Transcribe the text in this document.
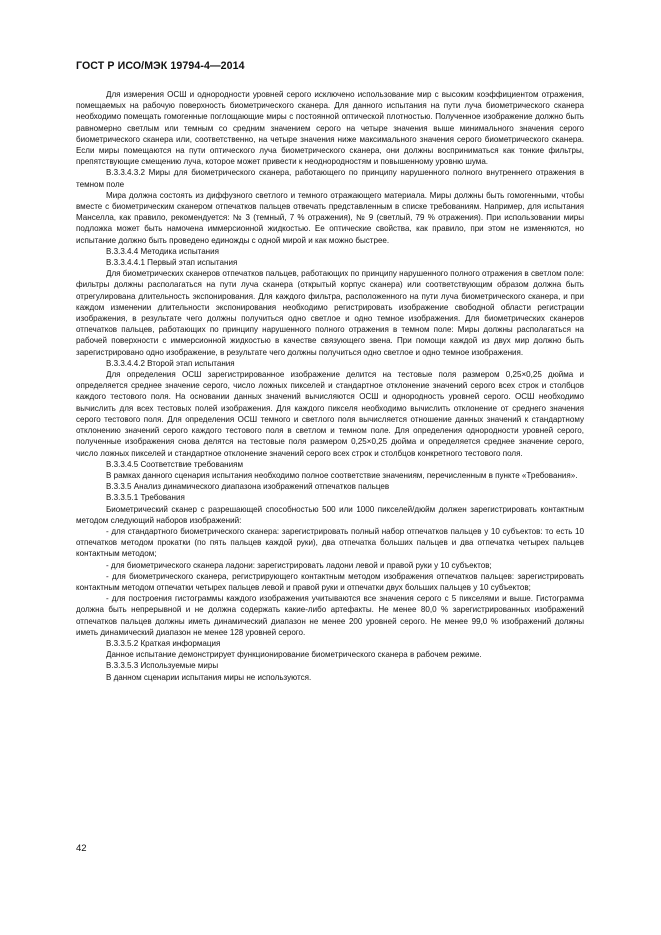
ГОСТ Р ИСО/МЭК 19794-4—2014

Для измерения ОСШ и однородности уровней серого исключено использование мир с высоким коэффициентом отражения, помещаемых на рабочую поверхность биометрического сканера. Для данного испытания на пути луча биометрического сканера необходимо помещать гомогенные поглощающие миры с постоянной оптической плотностью. Полученное изображение должно быть равномерно светлым или темным со средним значением серого на четыре значения выше минимального значения серого биометрического сканера или, соответственно, на четыре значения ниже максимального значения серого биометрического сканера. Если миры помещаются на пути оптического луча биометрического сканера, они должны восприниматься как тонкие фильтры, препятствующие смещению луча, которое может привести к неоднородностям и повышенному уровню шума.

В.3.3.4.3.2 Миры для биометрического сканера, работающего по принципу нарушенного полного внутреннего отражения в темном поле

Мира должна состоять из диффузного светлого и темного отражающего материала. Миры должны быть гомогенными, чтобы вместе с биометрическим сканером отпечатков пальцев отвечать представленным в списке требованиям. Например, для испытания Манселла, как правило, рекомендуется: № 3 (темный, 7 % отражения), № 9 (светлый, 79 % отражения). При использовании миры подложка может быть намочена иммерсионной жидкостью. Ее оптические свойства, как правило, при этом не изменяются, но испытание должно быть проведено единожды с одной мирой и как можно быстрее.

В.3.3.4.4 Методика испытания

В.3.3.4.4.1 Первый этап испытания

Для биометрических сканеров отпечатков пальцев, работающих по принципу нарушенного полного отражения в светлом поле: фильтры должны располагаться на пути луча сканера (открытый корпус сканера) или соответствующим образом должна быть отрегулирована длительность экспонирования. Для каждого фильтра, расположенного на пути луча биометрического сканера, и при каждом изменении длительности экспонирования необходимо регистрировать изображение свободной области регистрации изображения, в результате чего должны получиться одно светлое и одно темное изображения. Для биометрических сканеров отпечатков пальцев, работающих по принципу нарушенного полного отражения в темном поле: Миры должны располагаться на рабочей поверхности с иммерсионной жидкостью в качестве связующего звена. При помощи каждой из двух мир должно быть зарегистрировано одно изображение, в результате чего должны получиться одно светлое и одно темное изображения.

В.3.3.4.4.2 Второй этап испытания

Для определения ОСШ зарегистрированное изображение делится на тестовые поля размером 0,25×0,25 дюйма и определяется среднее значение серого, число ложных пикселей и стандартное отклонение значений серого всех строк и столбцов каждого тестового поля. На основании данных значений вычисляются ОСШ и однородность уровней серого. ОСШ необходимо вычислить для всех тестовых полей изображения. Для каждого пикселя необходимо вычислить отклонение от среднего значения серого тестового поля. Для определения ОСШ темного и светлого поля вычисляется отношение данных значений к стандартному отклонению значений серого каждого тестового поля в светлом и темном поле. Для определения однородности уровней серого, полученные изображения снова делятся на тестовые поля размером 0,25×0,25 дюйма и определяется среднее значение серого, число ложных пикселей и стандартное отклонение значений серого всех строк и столбцов конкретного тестового поля.

В.3.3.4.5 Соответствие требованиям

В рамках данного сценария испытания необходимо полное соответствие значениям, перечисленным в пункте «Требования».

В.3.3.5 Анализ динамического диапазона изображений отпечатков пальцев

В.3.3.5.1 Требования

Биометрический сканер с разрешающей способностью 500 или 1000 пикселей/дюйм должен зарегистрировать контактным методом следующий наборов изображений:

- для стандартного биометрического сканера: зарегистрировать полный набор отпечатков пальцев у 10 субъектов: то есть 10 отпечатков методом прокатки (по пять пальцев каждой руки), два отпечатка больших пальцев и два отпечатка четырех пальцев контактным методом;

- для биометрического сканера ладони: зарегистрировать ладони левой и правой руки у 10 субъектов;

- для биометрического сканера, регистрирующего контактным методом изображения отпечатков пальцев: зарегистрировать контактным методом отпечатки четырех пальцев левой и правой руки и отпечатки двух больших пальцев у 10 субъектов;

- для построения гистограммы каждого изображения учитываются все значения серого с 5 пикселями и выше. Гистограмма должна быть непрерывной и не должна содержать какие-либо артефакты. Не менее 80,0 % зарегистрированных изображений отпечатков пальцев должны иметь динамический диапазон не менее 200 уровней серого. Не менее 99,0 % изображений должны иметь динамический диапазон не менее 128 уровней серого.

В.3.3.5.2 Краткая информация

Данное испытание демонстрирует функционирование биометрического сканера в рабочем режиме.

В.3.3.5.3 Используемые миры

В данном сценарии испытания миры не используются.

42
